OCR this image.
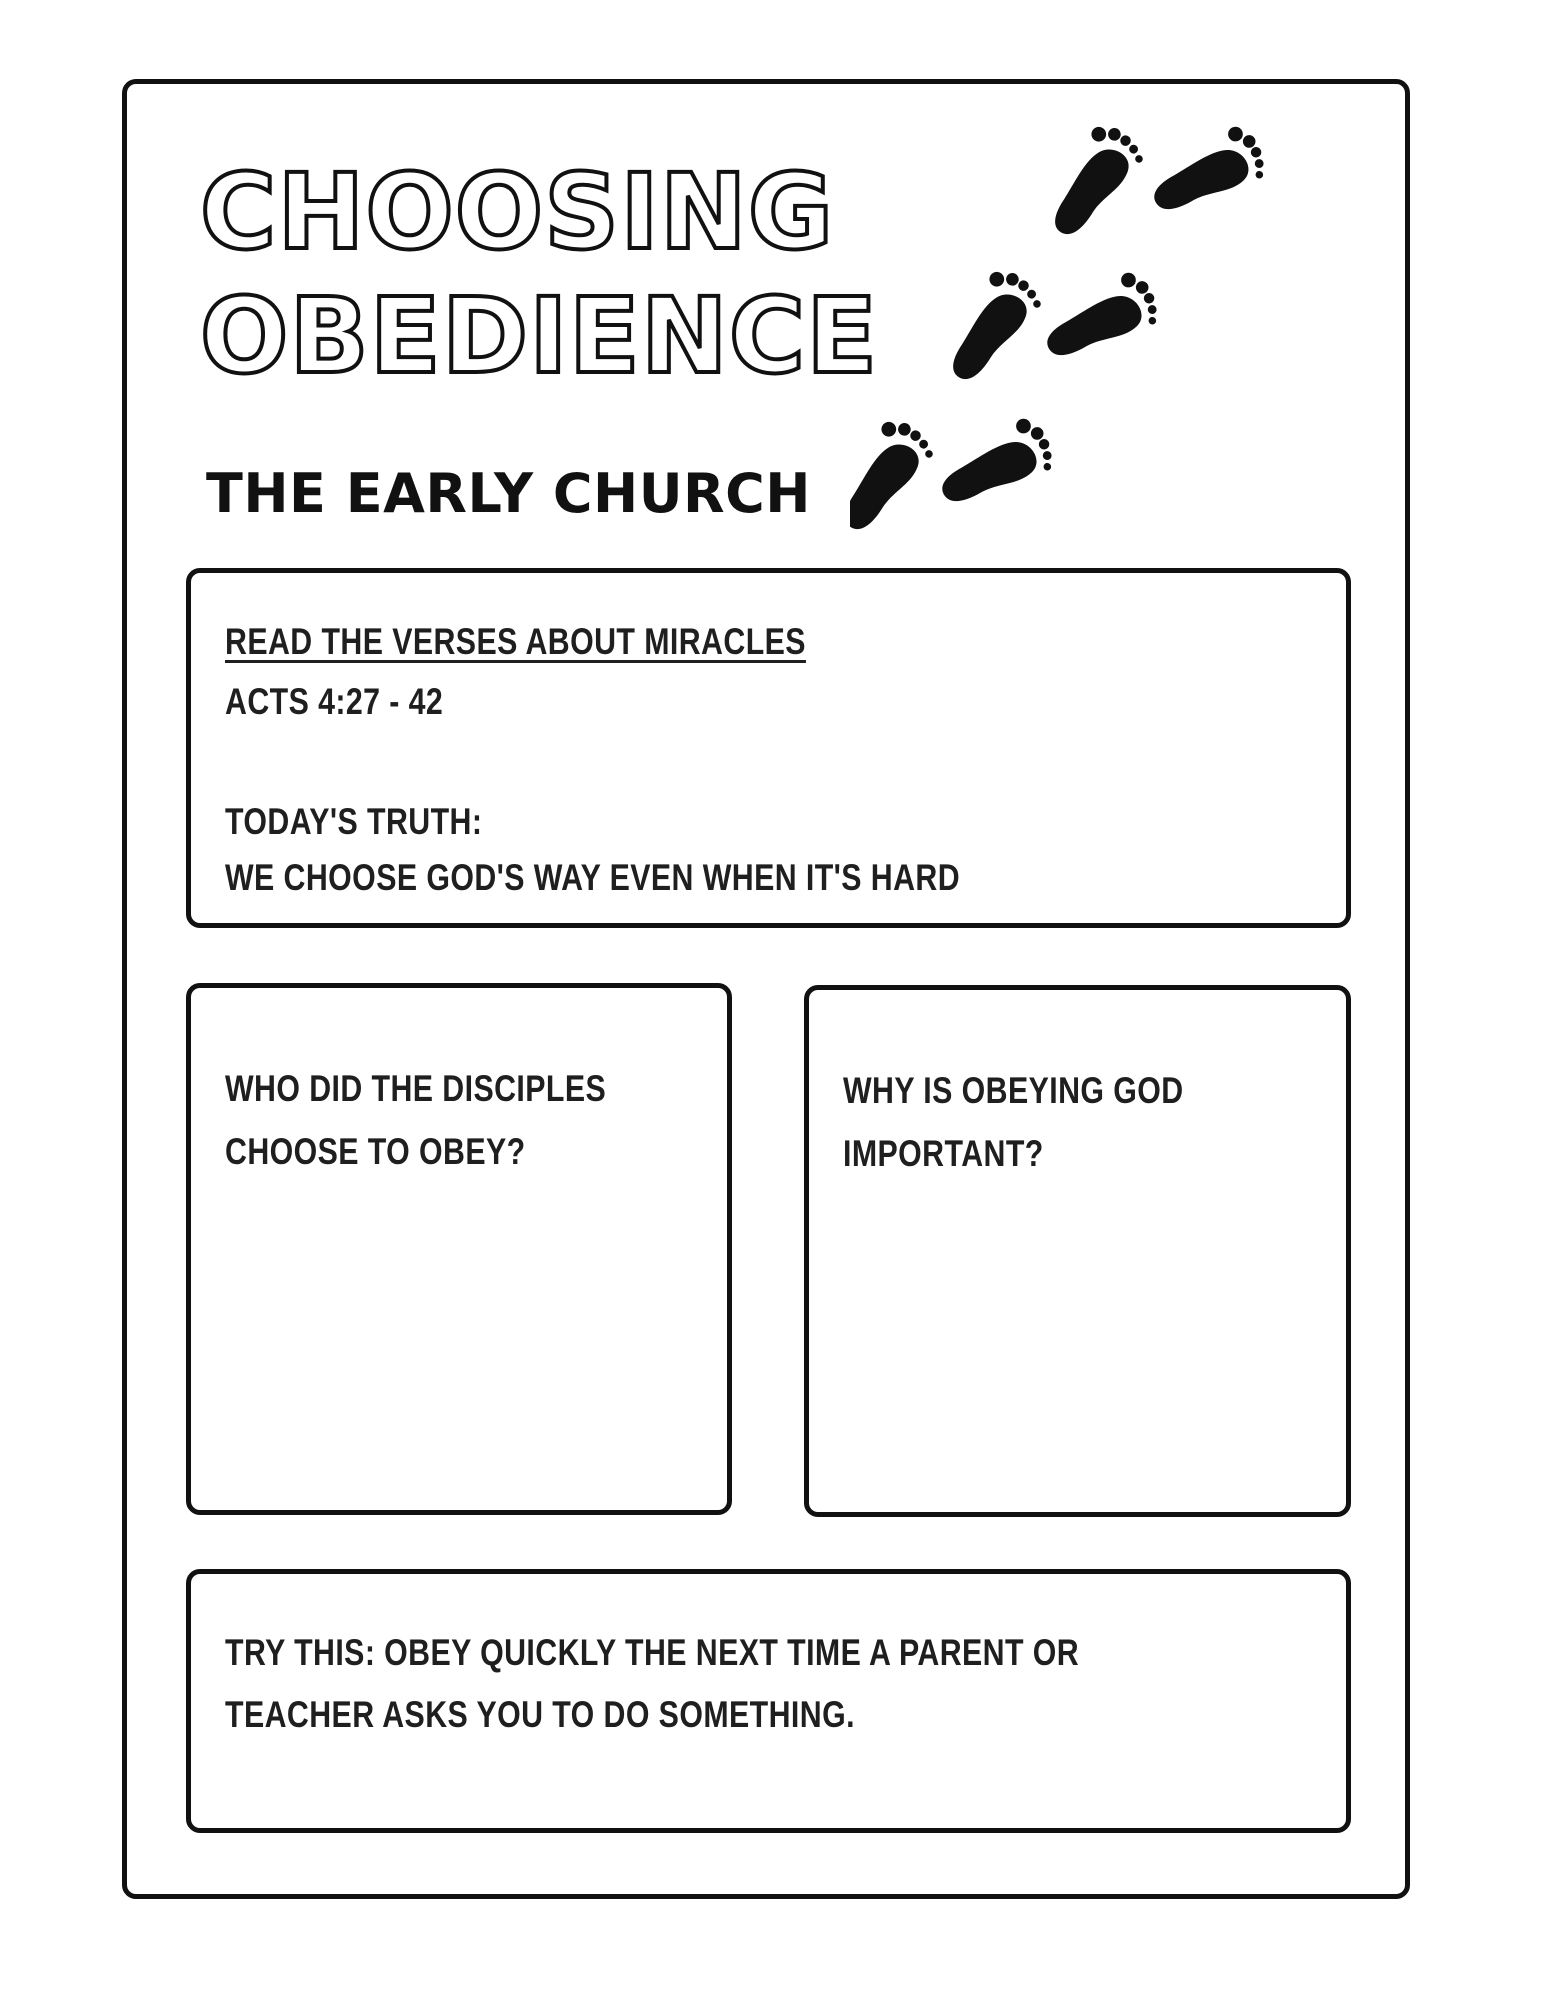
CHOOSING
OBEDIENCE
THE EARLY CHURCH
READ THE VERSES ABOUT MIRACLES
ACTS 4:27 - 42
TODAY'S TRUTH:
WE CHOOSE GOD'S WAY EVEN WHEN IT'S HARD
WHO DID THE DISCIPLES
CHOOSE TO OBEY?
WHY IS OBEYING GOD
IMPORTANT?
TRY THIS: OBEY QUICKLY THE NEXT TIME A PARENT OR
TEACHER ASKS YOU TO DO SOMETHING.
